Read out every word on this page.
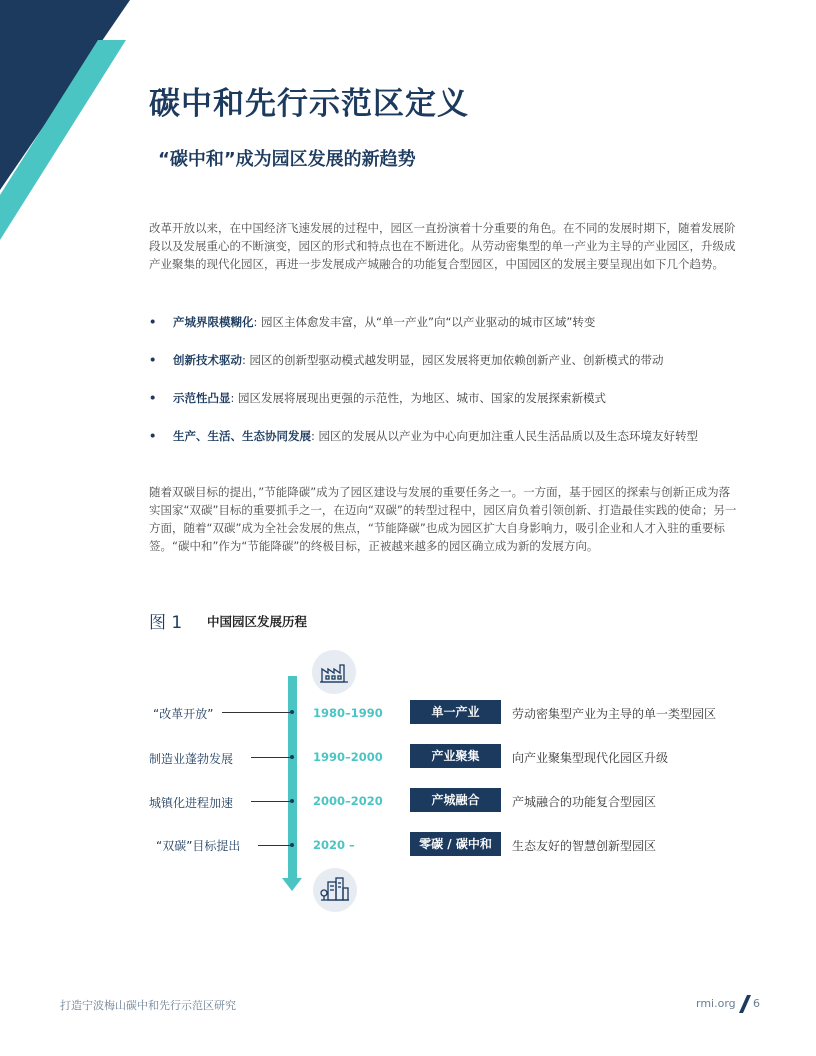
碳中和先行示范区定义
“碳中和”成为园区发展的新趋势

改革开放以来，在中国经济飞速发展的过程中，园区一直扮演着十分重要的角色。在不同的发展时期下，随着发展阶段以及发展重心的不断演变，园区的形式和特点也在不断进化。从劳动密集型的单一产业为主导的产业园区，升级成产业聚集的现代化园区，再进一步发展成产城融合的功能复合型园区，中国园区的发展主要呈现出如下几个趋势。

• 产城界限模糊化: 园区主体愈发丰富，从“单一产业”向“以产业驱动的城市区域”转变
• 创新技术驱动: 园区的创新型驱动模式越发明显，园区发展将更加依赖创新产业、创新模式的带动
• 示范性凸显: 园区发展将展现出更强的示范性，为地区、城市、国家的发展探索新模式
• 生产、生活、生态协同发展: 园区的发展从以产业为中心向更加注重人民生活品质以及生态环境友好转型

随着双碳目标的提出，”节能降碳”成为了园区建设与发展的重要任务之一。一方面，基于园区的探索与创新正成为落实国家“双碳”目标的重要抓手之一，在迈向“双碳”的转型过程中，园区肩负着引领创新、打造最佳实践的使命；另一方面，随着“双碳”成为全社会发展的焦点，“节能降碳”也成为园区扩大自身影响力，吸引企业和人才入驻的重要标签。“碳中和”作为“节能降碳”的终极目标，正被越来越多的园区确立成为新的发展方向。

图 1 中国园区发展历程
“改革开放”	1980–1990	单一产业	劳动密集型产业为主导的单一类型园区
制造业蓬勃发展	1990–2000	产业聚集	向产业聚集型现代化园区升级
城镇化进程加速	2000–2020	产城融合	产城融合的功能复合型园区
“双碳”目标提出	2020 –	零碳 / 碳中和	生态友好的智慧创新型园区
打造宁波梅山碳中和先行示范区研究	rmi.org 6
